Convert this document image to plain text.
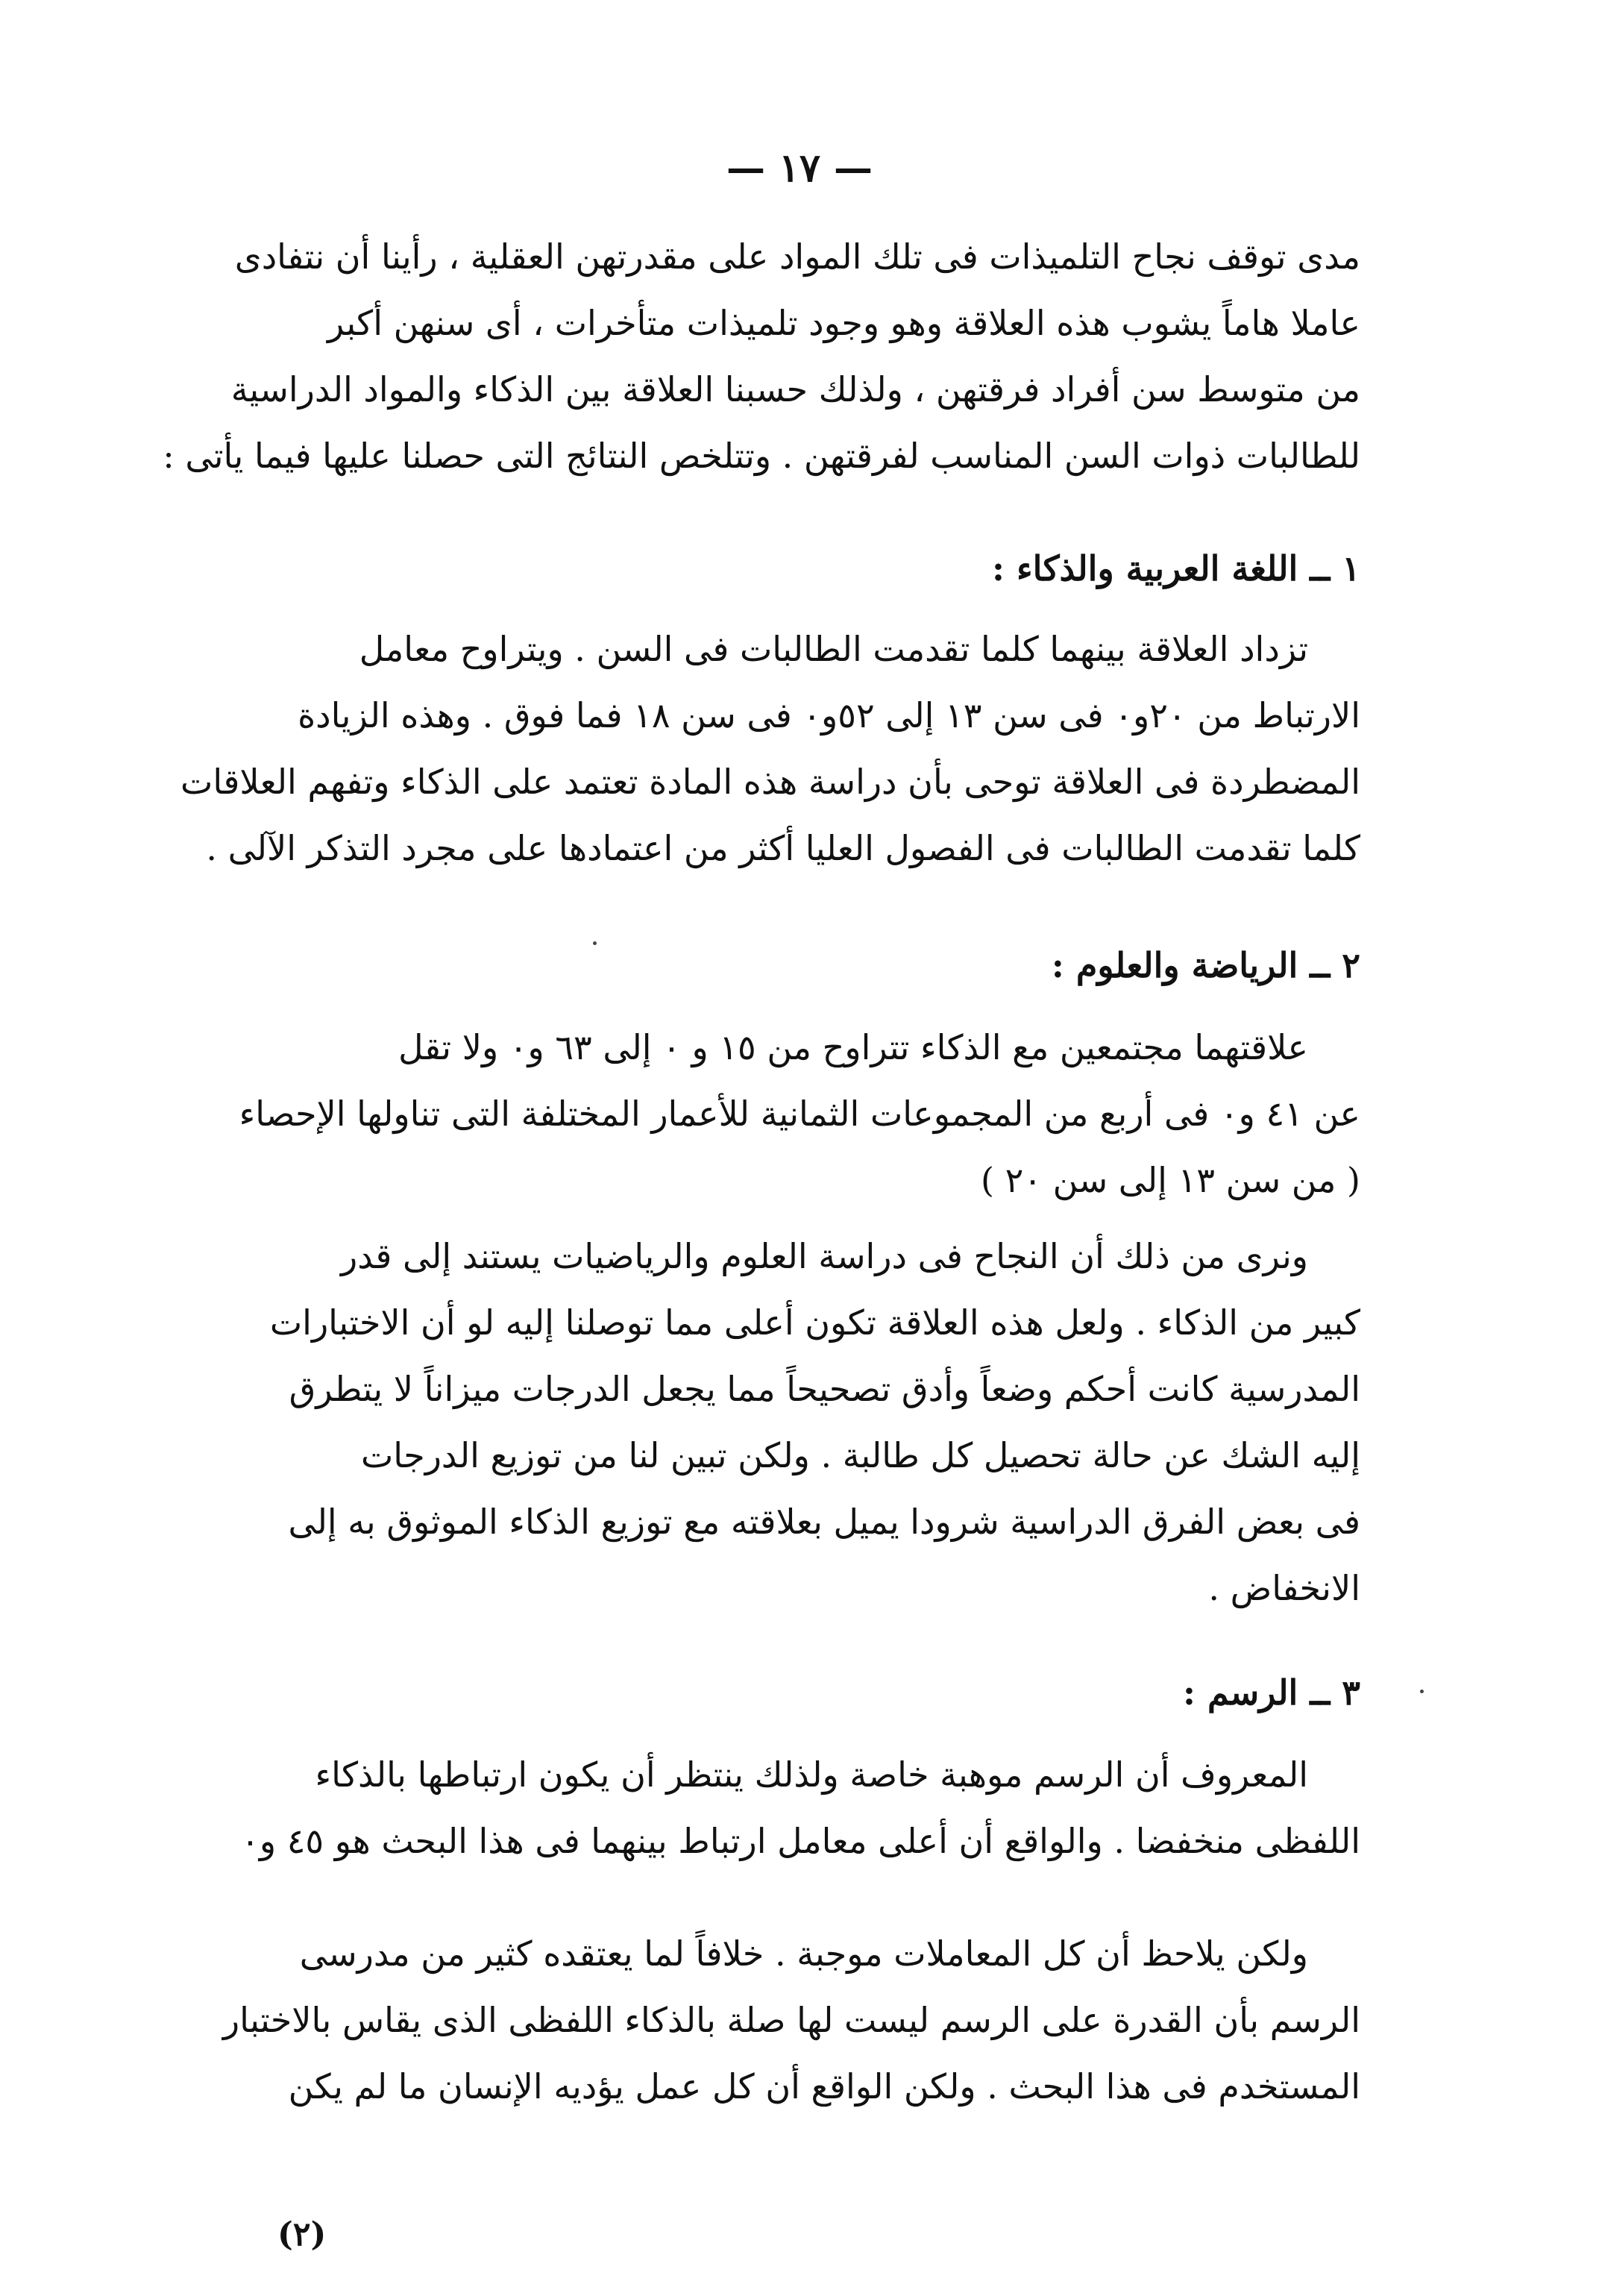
— ١٧ —
مدى توقف نجاح التلميذات فى تلك المواد على مقدرتهن العقلية ، رأينا أن نتفادى
عاملا هاماً يشوب هذه العلاقة وهو وجود تلميذات متأخرات ، أى سنهن أكبر
من متوسط سن أفراد فرقتهن ، ولذلك حسبنا العلاقة بين الذكاء والمواد الدراسية
للطالبات ذوات السن المناسب لفرقتهن . وتتلخص النتائج التى حصلنا عليها فيما يأتى :
١ ــ اللغة العربية والذكاء :
تزداد العلاقة بينهما كلما تقدمت الطالبات فى السن . ويتراوح معامل
الارتباط من ٢٠و٠ فى سن ١٣ إلى ٥٢و٠ فى سن ١٨ فما فوق . وهذه الزيادة
المضطردة فى العلاقة توحى بأن دراسة هذه المادة تعتمد على الذكاء وتفهم العلاقات
كلما تقدمت الطالبات فى الفصول العليا أكثر من اعتمادها على مجرد التذكر الآلى .
٢ ــ الرياضة والعلوم :
علاقتهما مجتمعين مع الذكاء تتراوح من ١٥ و ٠ إلى ٦٣ و٠ ولا تقل
عن ٤١ و٠ فى أربع من المجموعات الثمانية للأعمار المختلفة التى تناولها الإحصاء
( من سن ١٣ إلى سن ٢٠ )
ونرى من ذلك أن النجاح فى دراسة العلوم والرياضيات يستند إلى قدر
كبير من الذكاء . ولعل هذه العلاقة تكون أعلى مما توصلنا إليه لو أن الاختبارات
المدرسية كانت أحكم وضعاً وأدق تصحيحاً مما يجعل الدرجات ميزاناً لا يتطرق
إليه الشك عن حالة تحصيل كل طالبة . ولكن تبين لنا من توزيع الدرجات
فى بعض الفرق الدراسية شرودا يميل بعلاقته مع توزيع الذكاء الموثوق به إلى
الانخفاض .
٣ ــ الرسم :
المعروف أن الرسم موهبة خاصة ولذلك ينتظر أن يكون ارتباطها بالذكاء
اللفظى منخفضا . والواقع أن أعلى معامل ارتباط بينهما فى هذا البحث هو ٤٥ و٠
ولكن يلاحظ أن كل المعاملات موجبة . خلافاً لما يعتقده كثير من مدرسى
الرسم بأن القدرة على الرسم ليست لها صلة بالذكاء اللفظى الذى يقاس بالاختبار
المستخدم فى هذا البحث . ولكن الواقع أن كل عمل يؤديه الإنسان ما لم يكن
(٢)
